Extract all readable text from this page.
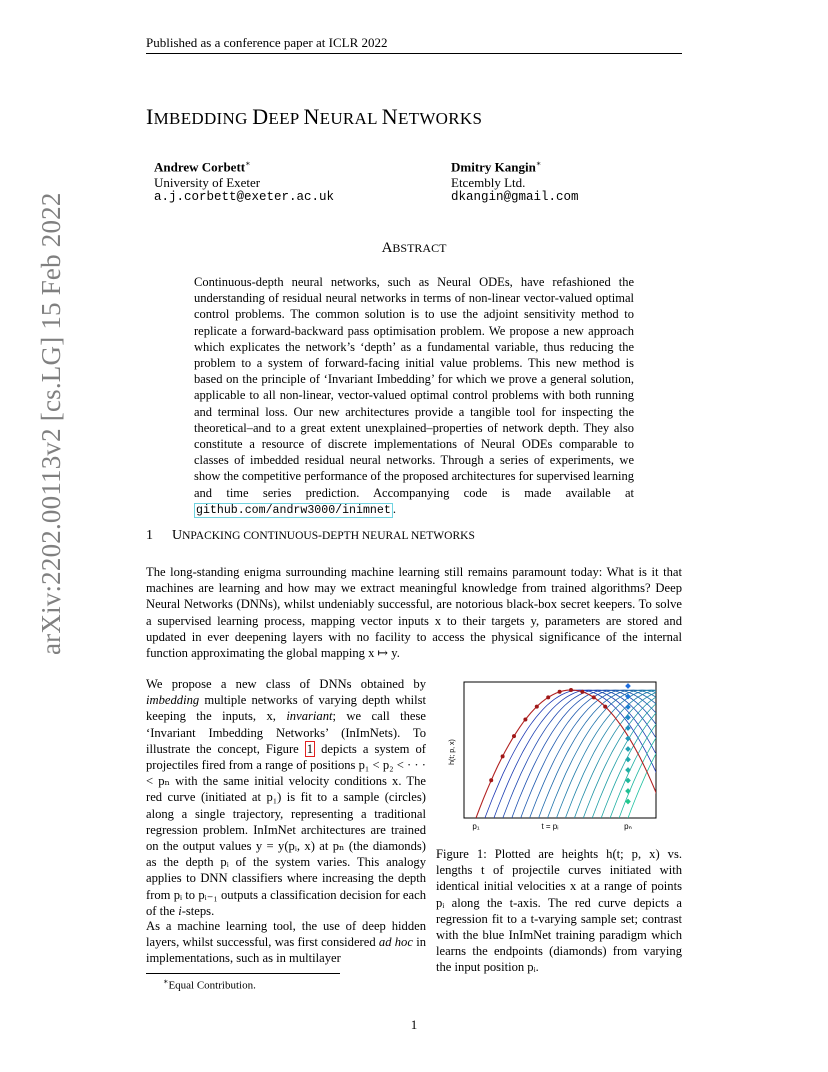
Published as a conference paper at ICLR 2022
arXiv:2202.00113v2 [cs.LG] 15 Feb 2022
IMBEDDING DEEP NEURAL NETWORKS
Andrew Corbett∗
University of Exeter
a.j.corbett@exeter.ac.uk
Dmitry Kangin∗
Etcembly Ltd.
dkangin@gmail.com
ABSTRACT
Continuous-depth neural networks, such as Neural ODEs, have refashioned the understanding of residual neural networks in terms of non-linear vector-valued optimal control problems. The common solution is to use the adjoint sensitivity method to replicate a forward-backward pass optimisation problem. We propose a new approach which explicates the network’s ‘depth’ as a fundamental variable, thus reducing the problem to a system of forward-facing initial value problems. This new method is based on the principle of ‘Invariant Imbedding’ for which we prove a general solution, applicable to all non-linear, vector-valued optimal control problems with both running and terminal loss. Our new architectures provide a tangible tool for inspecting the theoretical–and to a great extent unexplained–properties of network depth. They also constitute a resource of discrete implementations of Neural ODEs comparable to classes of imbedded residual neural networks. Through a series of experiments, we show the competitive performance of the proposed architectures for supervised learning and time series prediction. Accompanying code is made available at github.com/andrw3000/inimnet .
1 UNPACKING CONTINUOUS-DEPTH NEURAL NETWORKS
The long-standing enigma surrounding machine learning still remains paramount today: What is it that machines are learning and how may we extract meaningful knowledge from trained algorithms? Deep Neural Networks (DNNs), whilst undeniably successful, are notorious black-box secret keepers. To solve a supervised learning process, mapping vector inputs x to their targets y, parameters are stored and updated in ever deepening layers with no facility to access the physical significance of the internal function approximating the global mapping x ↦ y.
We propose a new class of DNNs obtained by imbedding multiple networks of varying depth whilst keeping the inputs, x, invariant; we call these ‘Invariant Imbedding Networks’ (InImNets). To illustrate the concept, Figure 1 depicts a system of projectiles fired from a range of positions p₁ < p₂ < · · · < pₙ with the same initial velocity conditions x. The red curve (initiated at p₁) is fit to a sample (circles) along a single trajectory, representing a traditional regression problem. InImNet architectures are trained on the output values y = y(pᵢ, x) at pₙ (the diamonds) as the depth pᵢ of the system varies. This analogy applies to DNN classifiers where increasing the depth from pᵢ to pᵢ₋₁ outputs a classification decision for each of the i-steps.
As a machine learning tool, the use of deep hidden layers, whilst successful, was first considered ad hoc in implementations, such as in multilayer
h(t; p, x)
p₁	t = pᵢ	pₙ
Figure 1: Plotted are heights h(t; p, x) vs. lengths t of projectile curves initiated with identical initial velocities x at a range of points pᵢ along the t-axis. The red curve depicts a regression fit to a t-varying sample set; contrast with the blue InImNet training paradigm which learns the endpoints (diamonds) from varying the input position pᵢ.
∗Equal Contribution.
1
